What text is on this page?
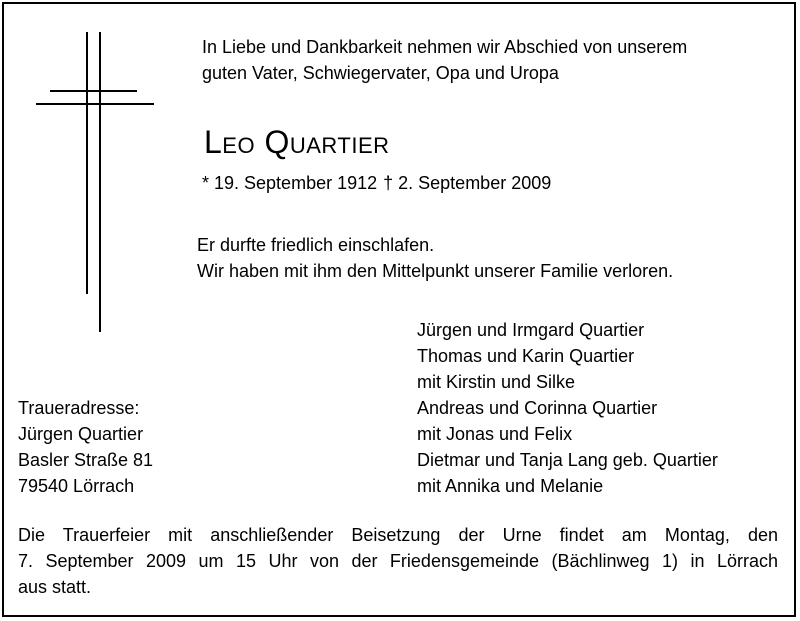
In Liebe und Dankbarkeit nehmen wir Abschied von unserem

guten Vater, Schwiegervater, Opa und Uropa

Leo Quartier

* 19. September 1912 † 2. September 2009

Er durfte friedlich einschlafen.

Wir haben mit ihm den Mittelpunkt unserer Familie verloren.

Jürgen und Irmgard Quartier

Thomas und Karin Quartier

mit Kirstin und Silke

Andreas und Corinna Quartier

mit Jonas und Felix

Dietmar und Tanja Lang geb. Quartier

mit Annika und Melanie

Traueradresse:

Jürgen Quartier

Basler Straße 81

79540 Lörrach

Die Trauerfeier mit anschließender Beisetzung der Urne findet am Montag, den
7. September 2009 um 15 Uhr von der Friedensgemeinde (Bächlinweg 1) in Lörrach
aus statt.
